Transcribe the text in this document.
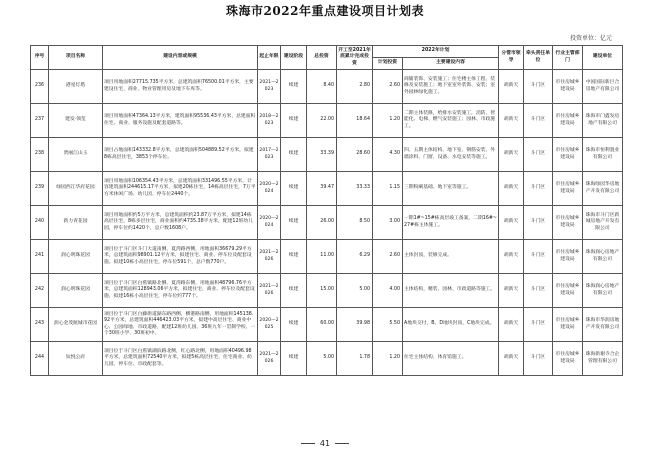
珠海市2022年重点建设项目计划表
投资单位：亿元
序号	项目名称	建设内容或规模	起止年限	建设阶段	总投资	开工至2021年底累计完成投资	2022年计划		分管市领导	牵头责任单位	行业主管部门	建设单位
							计划投资	主要建设内容				
236	港星灯塔	项目用地面积27715.735平方米，总建筑面积76500.01平方米，主要建设住宅、商业、物业管理用房及地下车库等。	2021—2023	续建	8.40	2.80	2.60	商铺装饰、安装施工；住宅楼主体工程、装修及安装施工；地下室室外装饰、安装；室外园林绿化施工。	胡新天	斗门区	市住房城乡建设局	中国国际新巨合房地产有限公司
237	建发·领玺	项目用地面积47364.13平方米，建筑面积95536.43平方米，总建面积住宅、商业、服务设施及配套道路等。	2018—2023	续建	22.00	18.64	1.20	二期主体装修，给排水安装施工，消防、智能化、电梯、燃气安装施工；园林、市政施工。	胡新天	斗门区	市住房城乡建设局	珠海市门鑫发房地产有限公司
238	贤丽江山玉	项目占地面积143332.8平方米，总建筑面积504889.52平方米，拟建8栋高层住宅，3853个停车位。	2017—2023	续建	33.39	28.60	4.30	四、五期主体结构、地下室、钢筋安装、外墙涂料、门窗、设备、水电安装等施工。	胡新天	斗门区	市住房城乡建设局	珠海市恒利置业有限公司
239	绿园西江华府花园	项目用地面积106354.43平方米，总建筑面积331496.55平方米，计容建筑面积244615.17平方米，拟建20栋住宅，14栋高层住宅，7万平方米休闲广场、幼儿园、停车位2440个。	2020—2024	续建	39.47	33.33	1.15	三期粉刷基础、地下室等施工。	胡新天	斗门区	市住房城乡建设局	珠海绿园华房地产开发有限公司
240	新力青花园	项目用地面积约5万平方米，总建筑面积约23.87万平方米，拟建14栋高层住宅，8栋多层住宅，商业面积约4735.38平方米，配建12班幼儿园，停车位约1420个，总户数1608户。	2020—2024	续建	26.00	8.50	3.00	一期1#~15#栋高层竣工备案，二期16#~27#栋主体施工。	胡新天	斗门区	市住房城乡建设局	珠海市斗门区新城房地产开发有限公司
241	润心明珠花园	项目位于斗门区斗门大道南侧、夏湾路西侧，用地面积36679.29平方米，总建筑面积98901.12平方米，拟建住宅、商业、停车位及配套设施。拟建10栋小高层住宅，停车位591个，总户数770户。	2021—2026	续建	11.00	6.29	2.60	主体封顶，装修完成。	胡新天	斗门区	市住房城乡建设局	珠海润心房地产有限公司
242	润心明珠花园	项目位于斗门区白蕉镇路北侧、夏湾路东侧，用地面积48796.76平方米，总建筑面积128943.06平方米，拟建住宅、商业、停车位及配套设施，拟建16栋小高层住宅，停车位约777个。	2021—2026	续建	15.00	5.00	4.00	主体结构，精装、园林、市政道路等施工。	胡新天	斗门区	市住房城乡建设局	珠海润心房地产有限公司
243	润心金茂航城市花园	项目位于斗门区白藤街道湖东路西侧，横港路南侧，用地面积145138.92平方米，总建筑面积446423.03平方米，拟建中高层住宅、商业中心、公园绿地、市政道路，配建12班幼儿园、36班九年一贯制学校、一个30班小学、30班初中。	2020—2025	续建	60.00	39.98	5.50	A地块交付，B、D地块封顶，C地块完成。	胡新天	斗门区	市住房城乡建设局	珠海市华润房地产开发有限公司
244	钛悦公府	项目位于斗门区白蕉镇湖滨路北侧，红心路北侧，用地面积40496.98平方米，总建筑面积72540平方米，拟建5栋高层住宅、住宅商业、幼儿园、停车位、市政配套等。	2021—2026	续建	5.00	1.78	1.20	住宅主体结构、体育馆施工。	胡新天	斗门区	市住房城乡建设局	珠海新谢寺合企管理有限公司
41
